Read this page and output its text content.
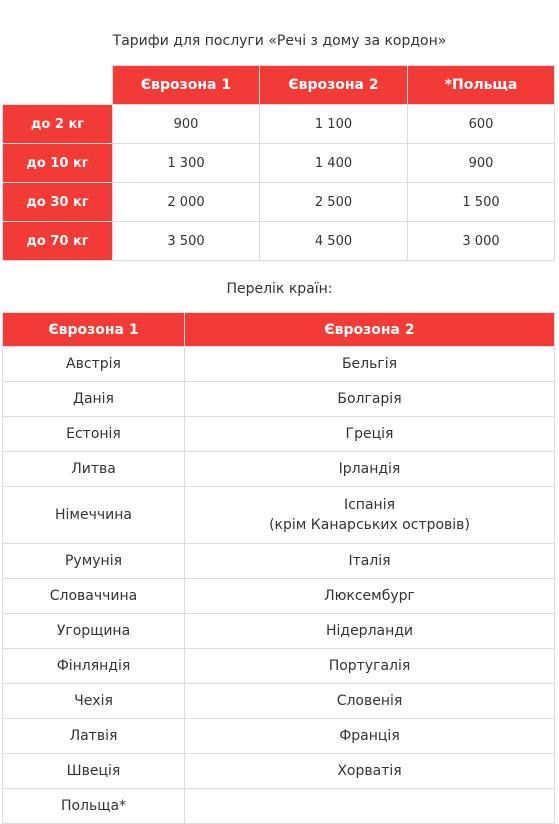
Тарифи для послуги «Речі з дому за кордон»
	Єврозона 1	Єврозона 2	*Польща
до 2 кг	900	1 100	600
до 10 кг	1 300	1 400	900
до 30 кг	2 000	2 500	1 500
до 70 кг	3 500	4 500	3 000
Перелік країн:
Єврозона 1	Єврозона 2
Австрія	Бельгія
Данія	Болгарія
Естонія	Греція
Литва	Ірландія
Німеччина	Іспанія
(крім Канарських островів)

Румунія	Італія
Словаччина	Люксембург
Угорщина	Нідерланди
Фінляндія	Португалія
Чехія	Словенія
Латвія	Франція
Швеція	Хорватія
Польща*	
